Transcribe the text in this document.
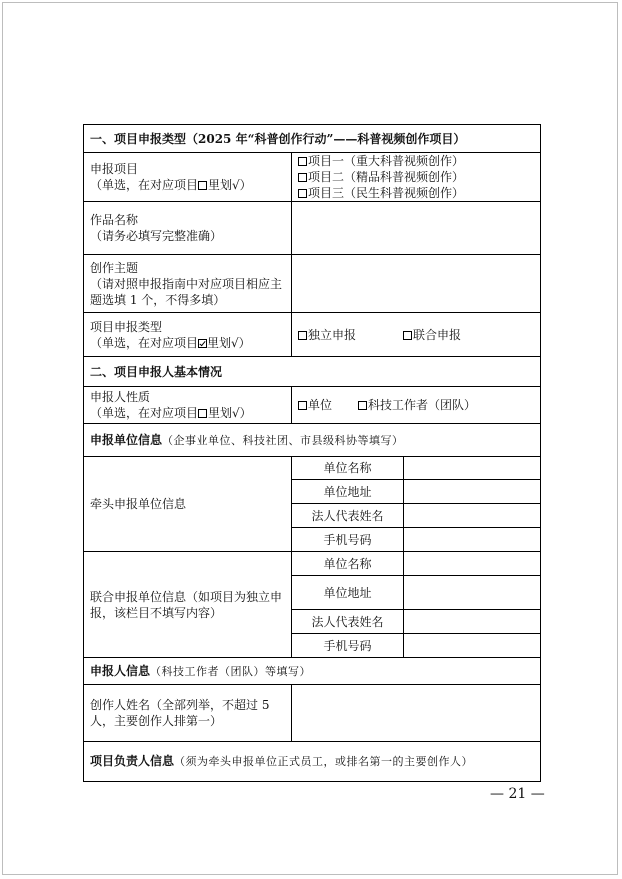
一、项目申报类型（2025 年“科普创作行动”——科普视频创作项目）		

申报项目
（单选，在对应项目 里划√）	项目一（重大科普视频创作）
项目二（精品科普视频创作）
项目三（民生科普视频创作）	

作品名称
（请务必填写完整准确）		

创作主题
（请对照申报指南中对应项目相应主题选填 1 个，不得多填）		

项目申报类型
（单选，在对应项目 里划√）	独立申报 联合申报	
二、项目申报人基本情况		

申报人性质
（单选，在对应项目 里划√）	单位 科技工作者（团队）	
申报单位信息（企事业单位、科技社团、市县级科协等填写）		
牵头申报单位信息	单位名称	
	单位地址	
	法人代表姓名	
	手机号码	
联合申报单位信息（如项目为独立申报，该栏目不填写内容）	单位名称	
	单位地址	
	法人代表姓名	
	手机号码	
申报人信息（科技工作者（团队）等填写）		
创作人姓名（全部列举，不超过 5 人，主要创作人排第一）		
项目负责人信息（须为牵头申报单位正式员工，或排名第一的主要创作人）		
— 21 —
